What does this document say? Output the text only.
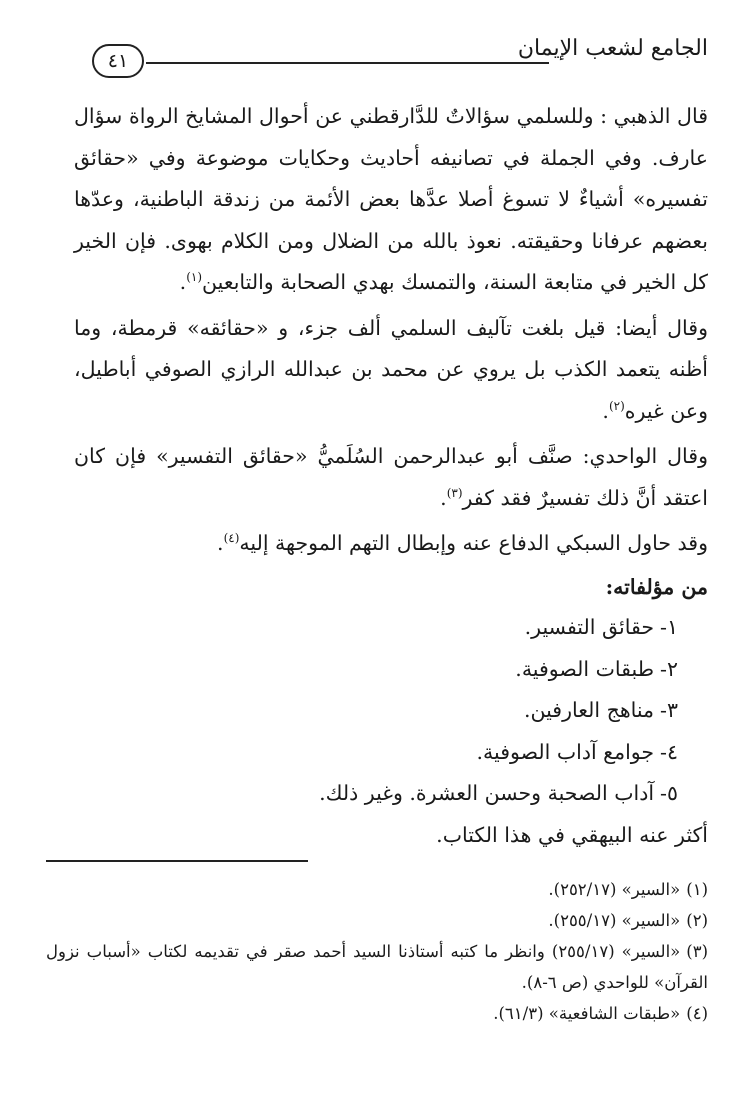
الجامع لشعب الإيمان
٤١

قال الذهبي : وللسلمي سؤالاتٌ للدَّارقطني عن أحوال المشايخ الرواة سؤال عارف. وفي الجملة في تصانيفه أحاديث وحكايات موضوعة وفي «حقائق تفسيره» أشياءٌ لا تسوغ أصلا عدَّها بعض الأئمة من زندقة الباطنية، وعدّها بعضهم عرفانا وحقيقته. نعوذ بالله من الضلال ومن الكلام بهوى. فإن الخير كل الخير في متابعة السنة، والتمسك بهدي الصحابة والتابعين$^{(١)}$.

وقال أيضا: قيل بلغت تآليف السلمي ألف جزء، و «حقائقه» قرمطة، وما أظنه يتعمد الكذب بل يروي عن محمد بن عبدالله الرازي الصوفي أباطيل، وعن غيره$^{(٢)}$.

وقال الواحدي: صنَّف أبو عبدالرحمن السُلَميُّ «حقائق التفسير» فإن كان اعتقد أنَّ ذلك تفسيرٌ فقد كفر$^{(٣)}$.

وقد حاول السبكي الدفاع عنه وإبطال التهم الموجهة إليه$^{(٤)}$.

من مؤلفاته:
١-حقائق التفسير.
٢-طبقات الصوفية.
٣-مناهج العارفين.
٤-جوامع آداب الصوفية.
٥-آداب الصحبة وحسن العشرة. وغير ذلك.

أكثر عنه البيهقي في هذا الكتاب.

(١)«السير» (٢٥٢/١٧).

(٢)«السير» (٢٥٥/١٧).

(٣)«السير» (٢٥٥/١٧) وانظر ما كتبه أستاذنا السيد أحمد صقر في تقديمه لكتاب «أسباب نزول القرآن» للواحدي (ص ٦-٨).

(٤)«طبقات الشافعية» (٦١/٣).
